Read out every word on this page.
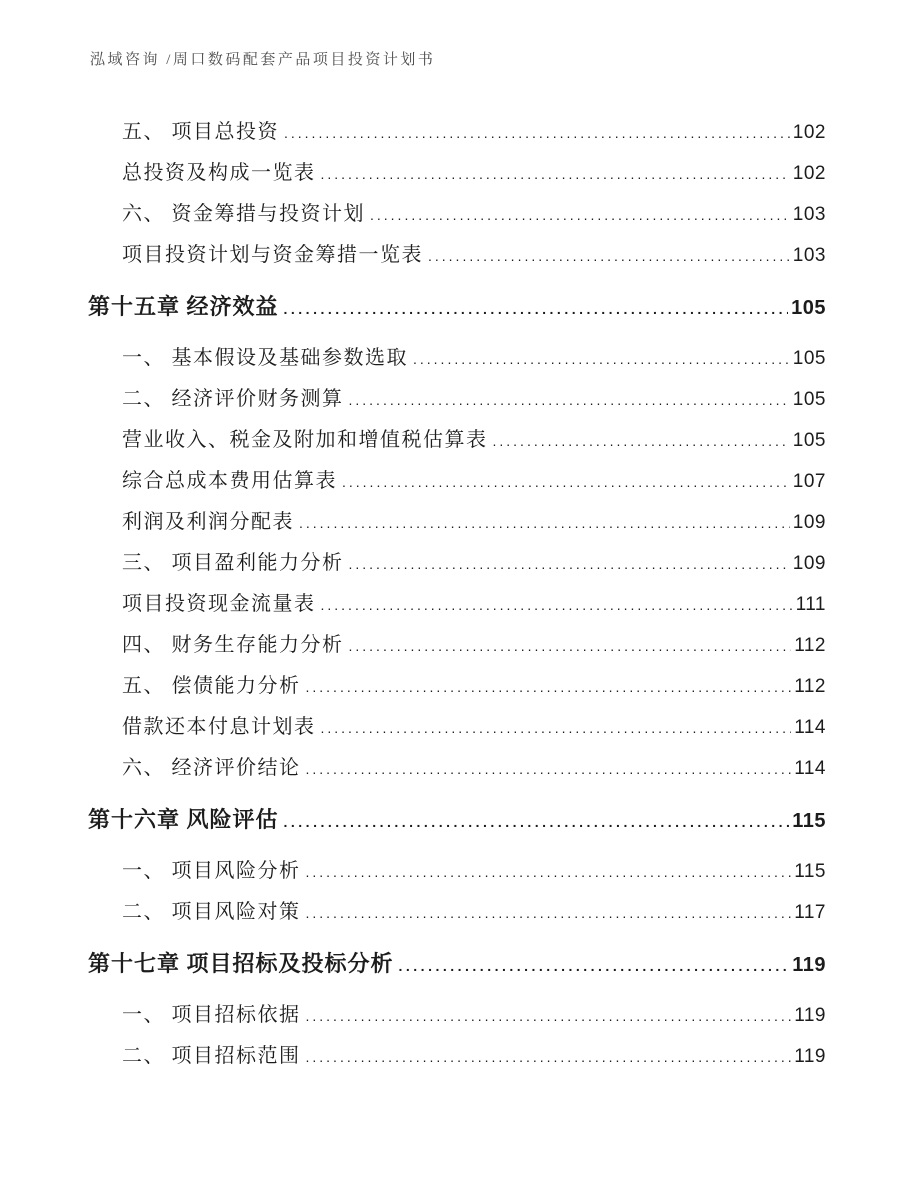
泓域咨询 /周口数码配套产品项目投资计划书
五、 项目总投资 .....	102
总投资及构成一览表 .....	102
六、 资金筹措与投资计划 .....	103
项目投资计划与资金筹措一览表 .....	103
第十五章 经济效益 .....	105
一、 基本假设及基础参数选取 .....	105
二、 经济评价财务测算 .....	105
营业收入、税金及附加和增值税估算表 .....	105
综合总成本费用估算表 .....	107
利润及利润分配表 .....	109
三、 项目盈利能力分析 .....	109
项目投资现金流量表 .....	111
四、 财务生存能力分析 .....	112
五、 偿债能力分析 .....	112
借款还本付息计划表 .....	114
六、 经济评价结论 .....	114
第十六章 风险评估 .....	115
一、 项目风险分析 .....	115
二、 项目风险对策 .....	117
第十七章 项目招标及投标分析 .....	119
一、 项目招标依据 .....	119
二、 项目招标范围 .....	119
